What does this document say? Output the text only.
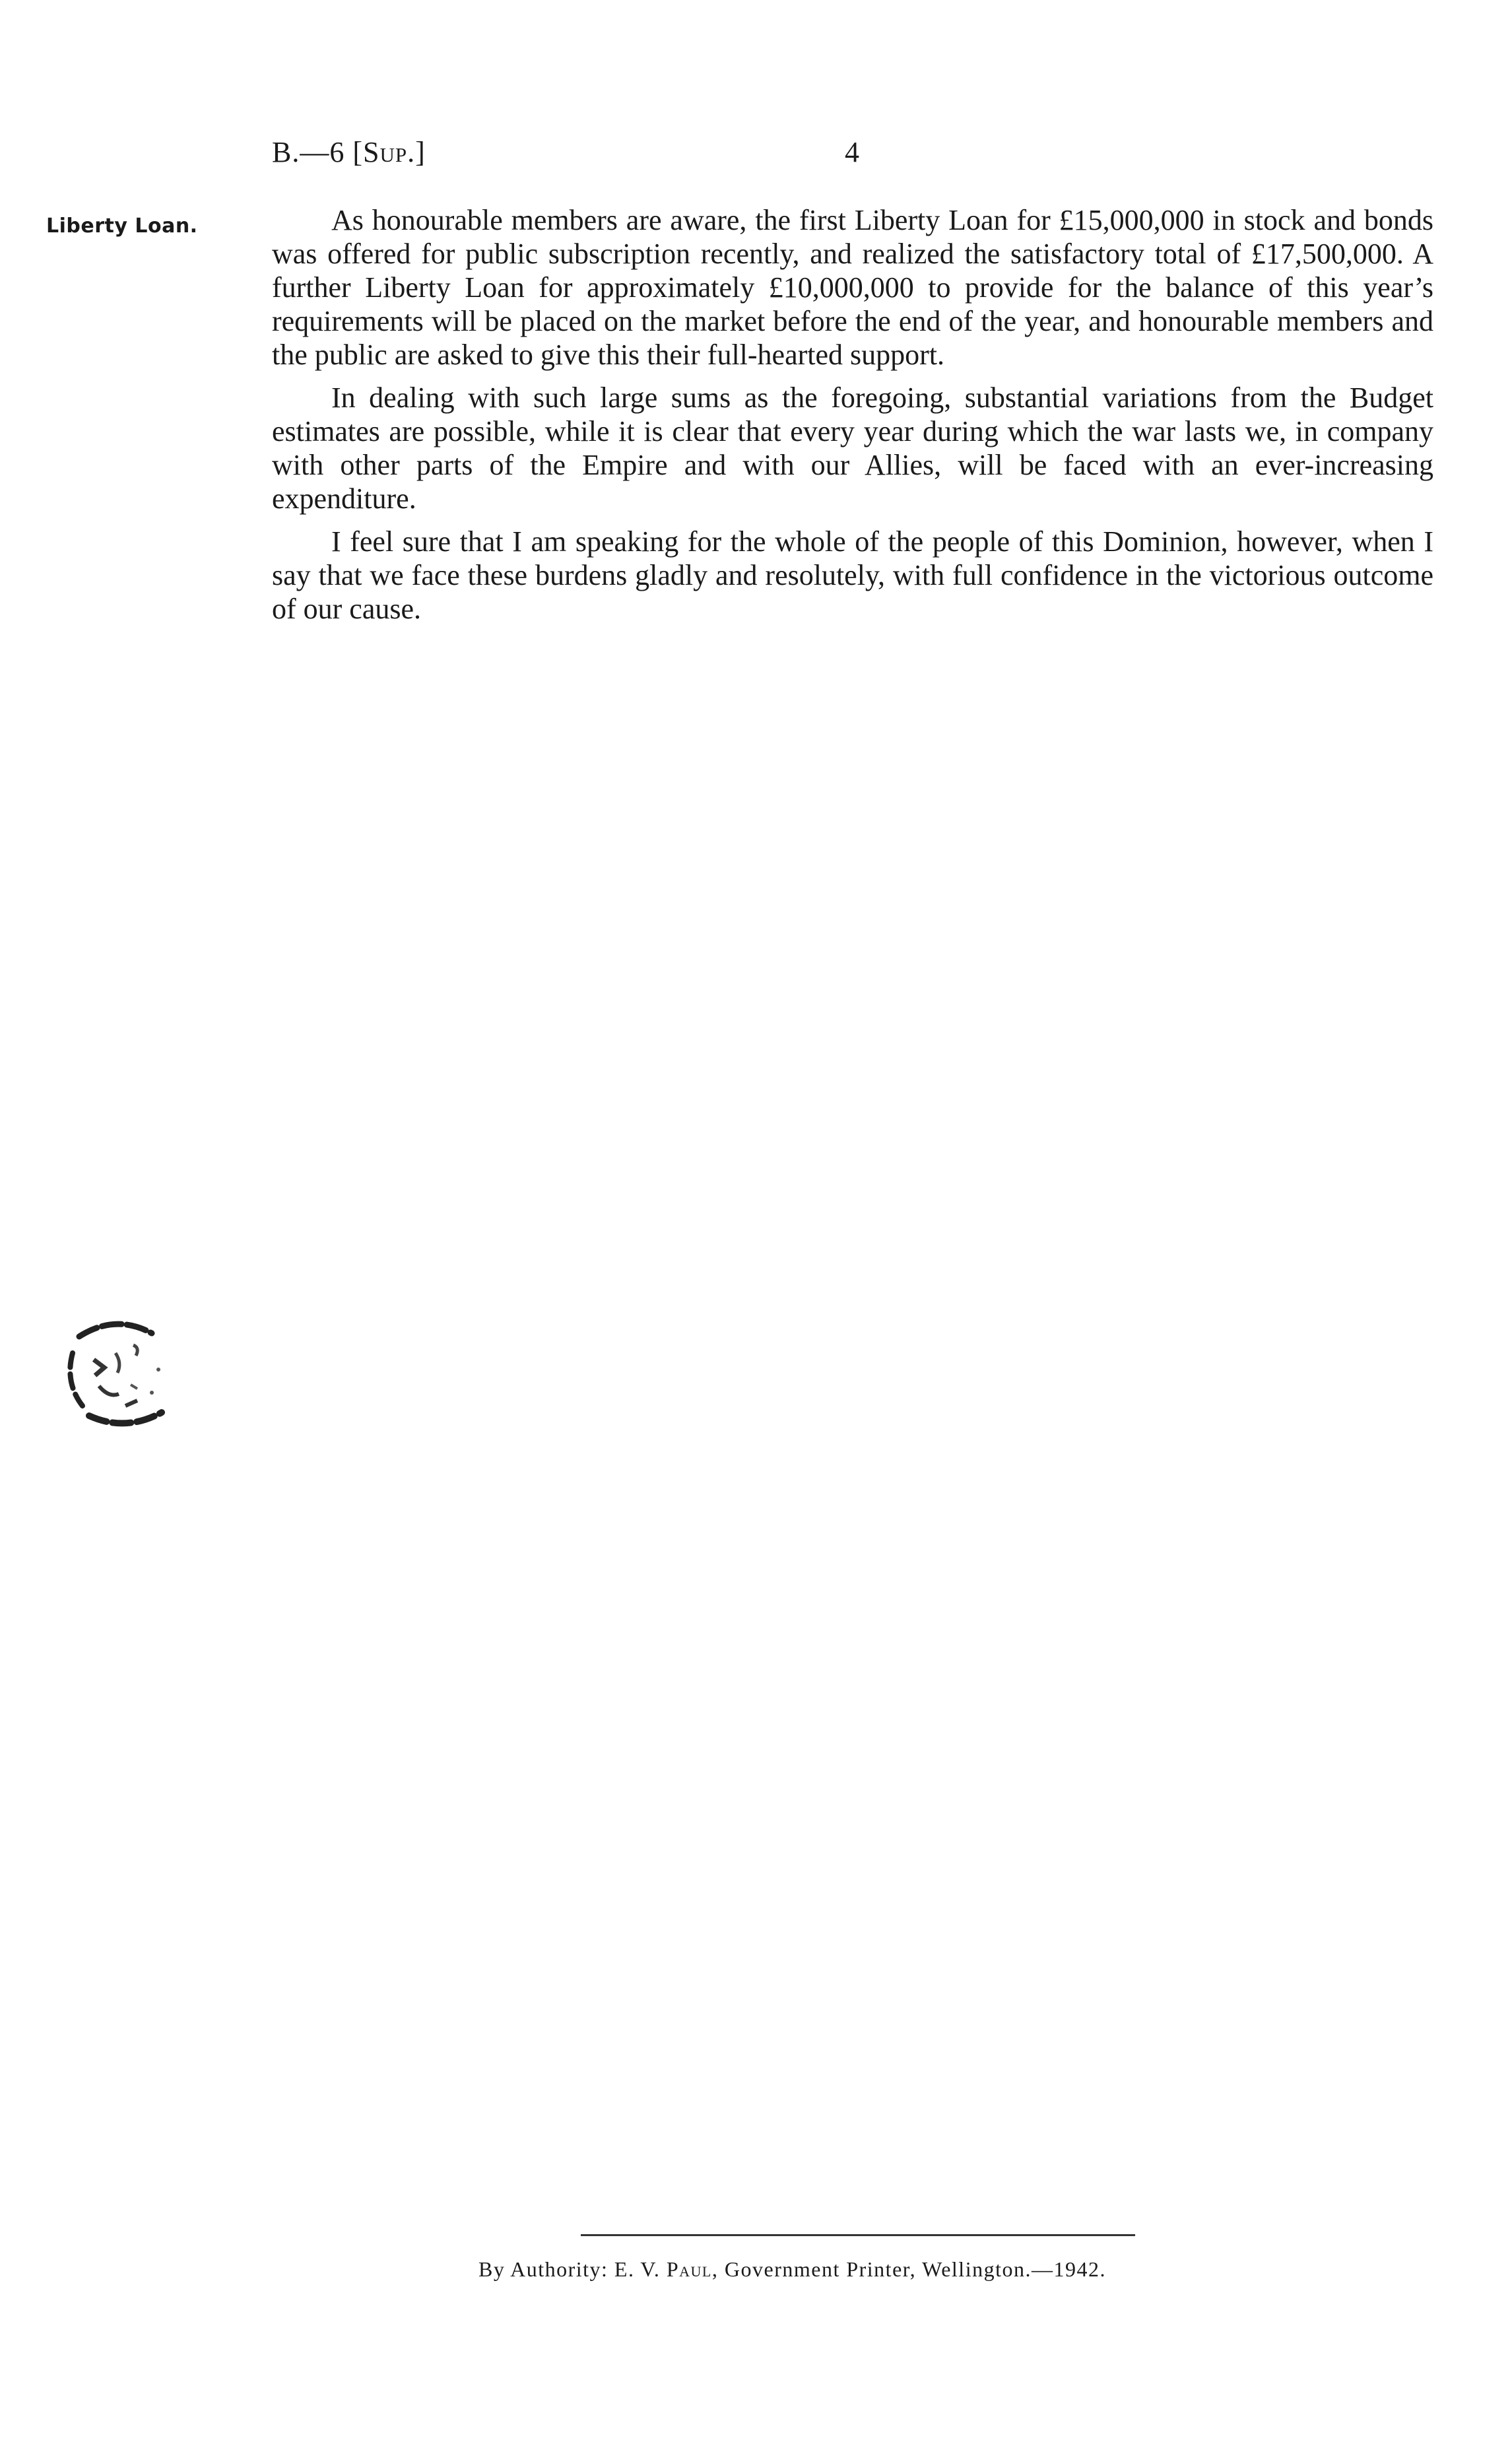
B.—6 [Sup.]	4
Liberty Loan.	As honourable members are aware, the first Liberty Loan for £15,000,000 in stock and bonds was offered for public subscription recently, and realized the satisfactory total of £17,500,000. A further Liberty Loan for approximately £10,000,000 to provide for the balance of this year’s requirements will be placed on the market before the end of the year, and honourable members and the public are asked to give this their full-hearted support.

In dealing with such large sums as the foregoing, substantial variations from the Budget estimates are possible, while it is clear that every year during which the war lasts we, in company with other parts of the Empire and with our Allies, will be faced with an ever-increasing expenditure.

I feel sure that I am speaking for the whole of the people of this Dominion, however, when I say that we face these burdens gladly and resolutely, with full confidence in the victorious outcome of our cause.

By Authority: E. V. Paul, Government Printer, Wellington.—1942.
